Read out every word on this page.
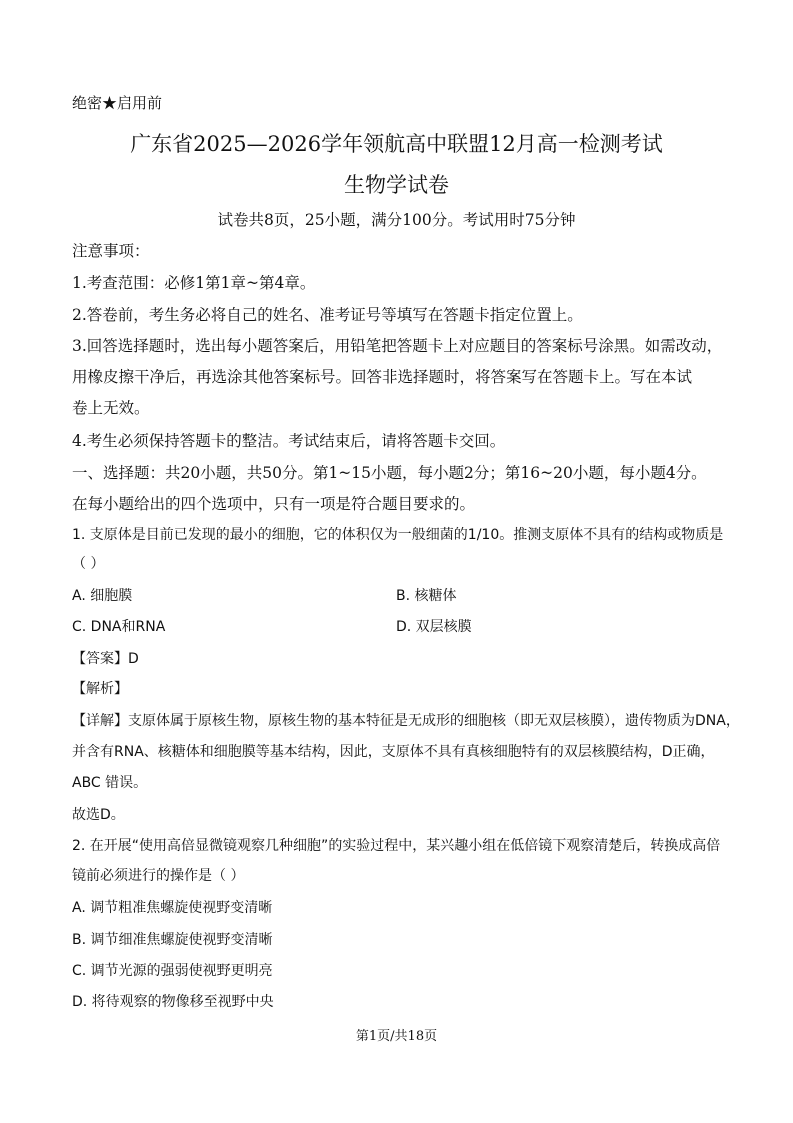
绝密★启用前
广东省2025—2026学年领航高中联盟12月高一检测考试
生物学试卷
试卷共8页，25小题，满分100分。考试用时75分钟
注意事项：
1.考查范围：必修1第1章~第4章。
2.答卷前，考生务必将自己的姓名、准考证号等填写在答题卡指定位置上。
3.回答选择题时，选出每小题答案后，用铅笔把答题卡上对应题目的答案标号涂黑。如需改动，
用橡皮擦干净后，再选涂其他答案标号。回答非选择题时，将答案写在答题卡上。写在本试
卷上无效。
4.考生必须保持答题卡的整洁。考试结束后，请将答题卡交回。
一、选择题：共20小题，共50分。第1~15小题，每小题2分；第16~20小题，每小题4分。
在每小题给出的四个选项中，只有一项是符合题目要求的。
1. 支原体是目前已发现的最小的细胞，它的体积仅为一般细菌的1/10。推测支原体不具有的结构或物质是
（ ）
A. 细胞膜	B. 核糖体
C. DNA和RNA	D. 双层核膜
【答案】D
【解析】
【详解】支原体属于原核生物，原核生物的基本特征是无成形的细胞核（即无双层核膜），遗传物质为DNA，
并含有RNA、核糖体和细胞膜等基本结构，因此，支原体不具有真核细胞特有的双层核膜结构，D正确，
ABC 错误。
故选D。
2. 在开展“使用高倍显微镜观察几种细胞”的实验过程中，某兴趣小组在低倍镜下观察清楚后，转换成高倍
镜前必须进行的操作是（ ）
A. 调节粗准焦螺旋使视野变清晰
B. 调节细准焦螺旋使视野变清晰
C. 调节光源的强弱使视野更明亮
D. 将待观察的物像移至视野中央
第1页/共18页
